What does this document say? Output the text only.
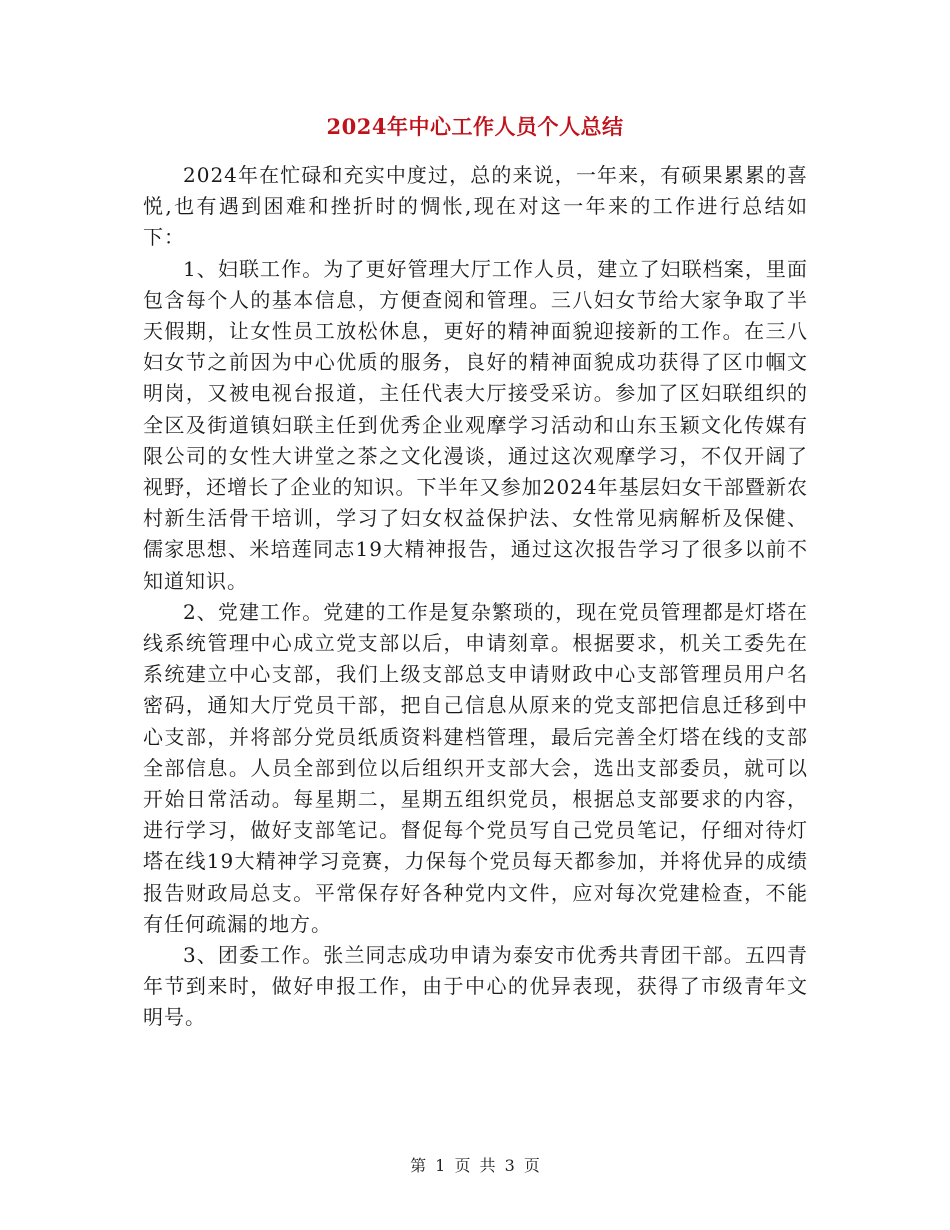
2024年中心工作人员个人总结

2024年在忙碌和充实中度过，总的来说，一年来，有硕果累累的喜悦,也有遇到困难和挫折时的惆怅,现在对这一年来的工作进行总结如下：

1、妇联工作。为了更好管理大厅工作人员，建立了妇联档案，里面包含每个人的基本信息，方便查阅和管理。三八妇女节给大家争取了半天假期，让女性员工放松休息，更好的精神面貌迎接新的工作。在三八妇女节之前因为中心优质的服务，良好的精神面貌成功获得了区巾帼文明岗，又被电视台报道，主任代表大厅接受采访。参加了区妇联组织的全区及街道镇妇联主任到优秀企业观摩学习活动和山东玉颖文化传媒有限公司的女性大讲堂之茶之文化漫谈，通过这次观摩学习，不仅开阔了视野，还增长了企业的知识。下半年又参加2024年基层妇女干部暨新农村新生活骨干培训，学习了妇女权益保护法、女性常见病解析及保健、儒家思想、米培莲同志19大精神报告，通过这次报告学习了很多以前不知道知识。

2、党建工作。党建的工作是复杂繁琐的，现在党员管理都是灯塔在线系统管理中心成立党支部以后，申请刻章。根据要求，机关工委先在系统建立中心支部，我们上级支部总支申请财政中心支部管理员用户名密码，通知大厅党员干部，把自己信息从原来的党支部把信息迁移到中心支部，并将部分党员纸质资料建档管理，最后完善全灯塔在线的支部全部信息。人员全部到位以后组织开支部大会，选出支部委员，就可以开始日常活动。每星期二，星期五组织党员，根据总支部要求的内容，进行学习，做好支部笔记。督促每个党员写自己党员笔记，仔细对待灯塔在线19大精神学习竞赛，力保每个党员每天都参加，并将优异的成绩报告财政局总支。平常保存好各种党内文件，应对每次党建检查，不能有任何疏漏的地方。

3、团委工作。张兰同志成功申请为泰安市优秀共青团干部。五四青年节到来时，做好申报工作，由于中心的优异表现，获得了市级青年文明号。

第 1 页 共 3 页
